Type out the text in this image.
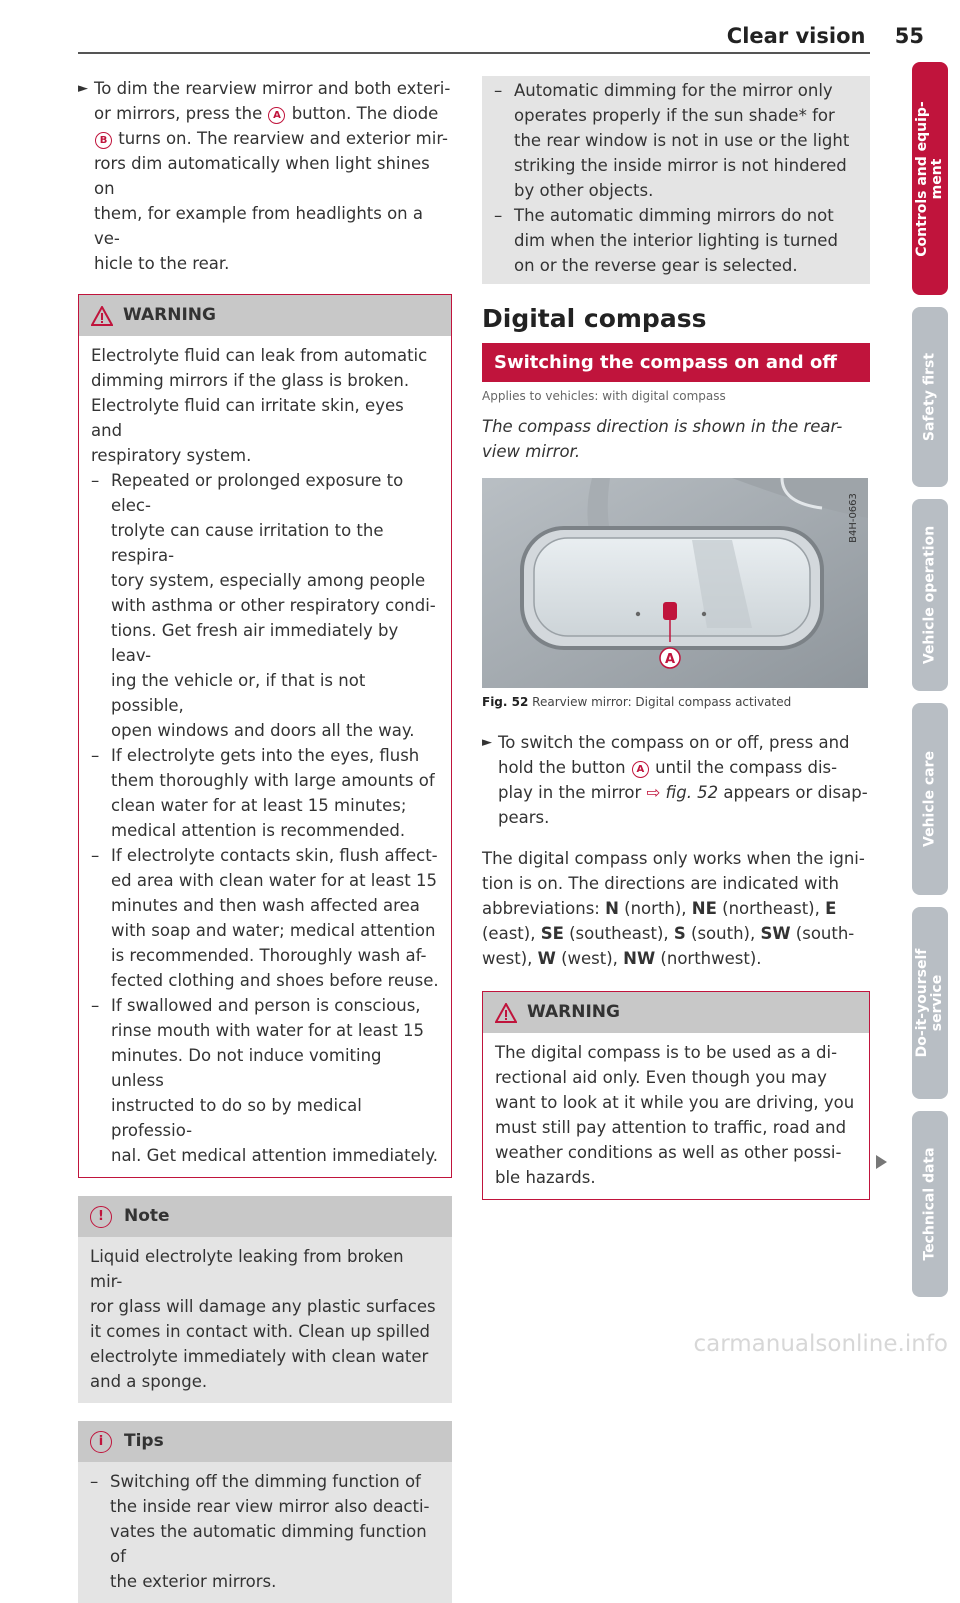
Clear vision 55

► To dim the rearview mirror and both exteri-
or mirrors, press the A button. The diode
B turns on. The rearview and exterior mir-
rors dim automatically when light shines on
them, for example from headlights on a ve-
hicle to the rear.

WARNING

Electrolyte fluid can leak from automatic
dimming mirrors if the glass is broken.
Electrolyte fluid can irritate skin, eyes and
respiratory system.

– Repeated or prolonged exposure to elec-
trolyte can cause irritation to the respira-
tory system, especially among people
with asthma or other respiratory condi-
tions. Get fresh air immediately by leav-
ing the vehicle or, if that is not possible,
open windows and doors all the way.

– If electrolyte gets into the eyes, flush
them thoroughly with large amounts of
clean water for at least 15 minutes;
medical attention is recommended.

– If electrolyte contacts skin, flush affect-
ed area with clean water for at least 15
minutes and then wash affected area
with soap and water; medical attention
is recommended. Thoroughly wash af-
fected clothing and shoes before reuse.

– If swallowed and person is conscious,
rinse mouth with water for at least 15
minutes. Do not induce vomiting unless
instructed to do so by medical professio-
nal. Get medical attention immediately.

!	Note

Liquid electrolyte leaking from broken mir-
ror glass will damage any plastic surfaces
it comes in contact with. Clean up spilled
electrolyte immediately with clean water
and a sponge.

i	Tips

– Switching off the dimming function of
the inside rear view mirror also deacti-
vates the automatic dimming function of
the exterior mirrors.

– Automatic dimming for the mirror only
operates properly if the sun shade* for
the rear window is not in use or the light
striking the inside mirror is not hindered
by other objects.

– The automatic dimming mirrors do not
dim when the interior lighting is turned
on or the reverse gear is selected.

Digital compass
Switching the compass on and off
Applies to vehicles: with digital compass

The compass direction is shown in the rear-
view mirror.

A
B4H-0663
Fig. 52 Rearview mirror: Digital compass activated

► To switch the compass on or off, press and
hold the button A until the compass dis-
play in the mirror ⇨ fig. 52 appears or disap-
pears.

The digital compass only works when the igni-
tion is on. The directions are indicated with
abbreviations: N (north), NE (northeast), E
(east), SE (southeast), S (south), SW (south-
west), W (west), NW (northwest).

WARNING

The digital compass is to be used as a di-
rectional aid only. Even though you may
want to look at it while you are driving, you
must still pay attention to traffic, road and
weather conditions as well as other possi-
ble hazards.

Controls and equip-
ment
Safety first
Vehicle operation
Vehicle care
Do-it-yourself
service
Technical data
carmanualsonline.info
